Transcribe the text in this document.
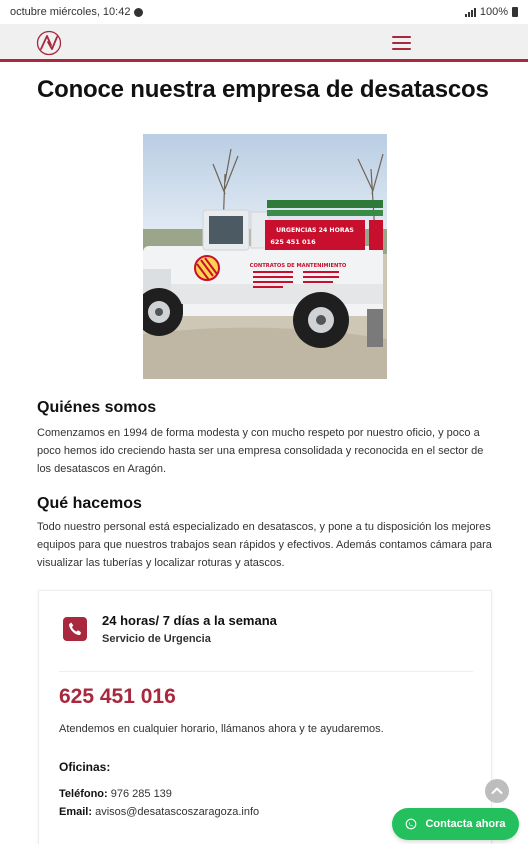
octubre miércoles, 10:42	100%
Conoce nuestra empresa de desatascos
URGENCIAS 24 HORAS
625 451 016
CONTRATOS DE MANTENIMIENTO
Quiénes somos

Comenzamos en 1994 de forma modesta y con mucho respeto por nuestro oficio, y poco a poco hemos ido creciendo hasta ser una empresa consolidada y reconocida en el sector de los desatascos en Aragón.

Qué hacemos

Todo nuestro personal está especializado en desatascos, y pone a tu disposición los mejores equipos para que nuestros trabajos sean rápidos y efectivos. Además contamos cámara para visualizar las tuberías y localizar roturas y atascos.

24 horas/ 7 días a la semana
Servicio de Urgencia
625 451 016
Atendemos en cualquier horario, llámanos ahora y te ayudaremos.
Oficinas:
Teléfono: 976 285 139
Email: avisos@desatascoszaragoza.info
Contacta ahora
